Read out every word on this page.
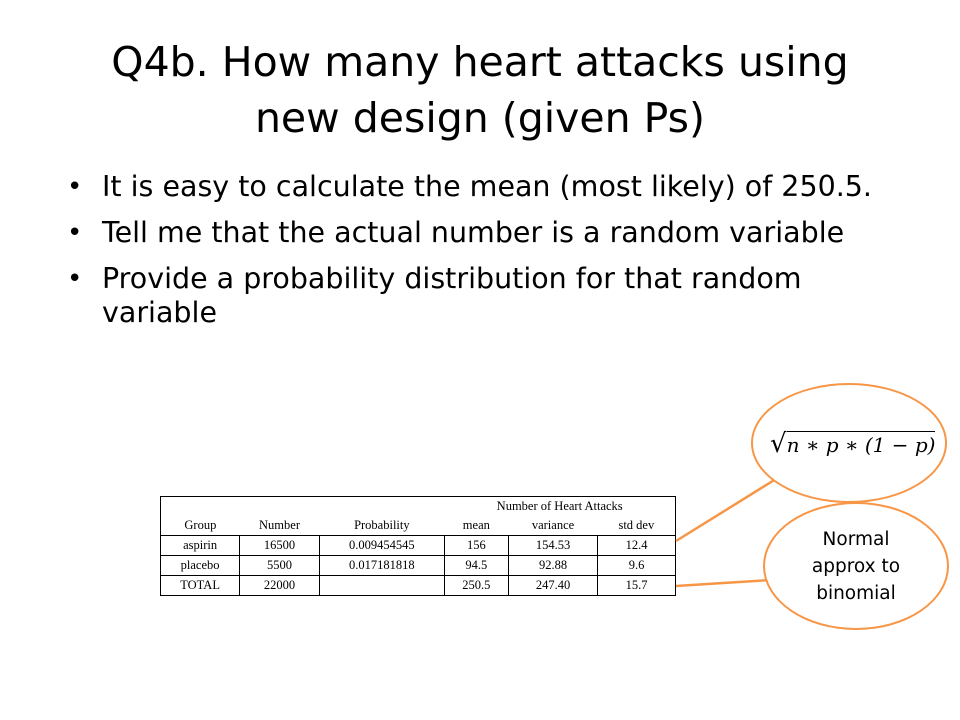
Q4b. How many heart attacks using
new design (given Ps)
• It is easy to calculate the mean (most likely) of 250.5.
• Tell me that the actual number is a random variable
• Provide a probability distribution for that random variable
			Number of Heart Attacks		
Group	Number	Probability	mean	variance	std dev
aspirin	16500	0.009454545	156	154.53	12.4
placebo	5500	0.017181818	94.5	92.88	9.6
TOTAL	22000		250.5	247.40	15.7
√n ∗ p ∗ (1 − p)
Normal
approx to
binomial
